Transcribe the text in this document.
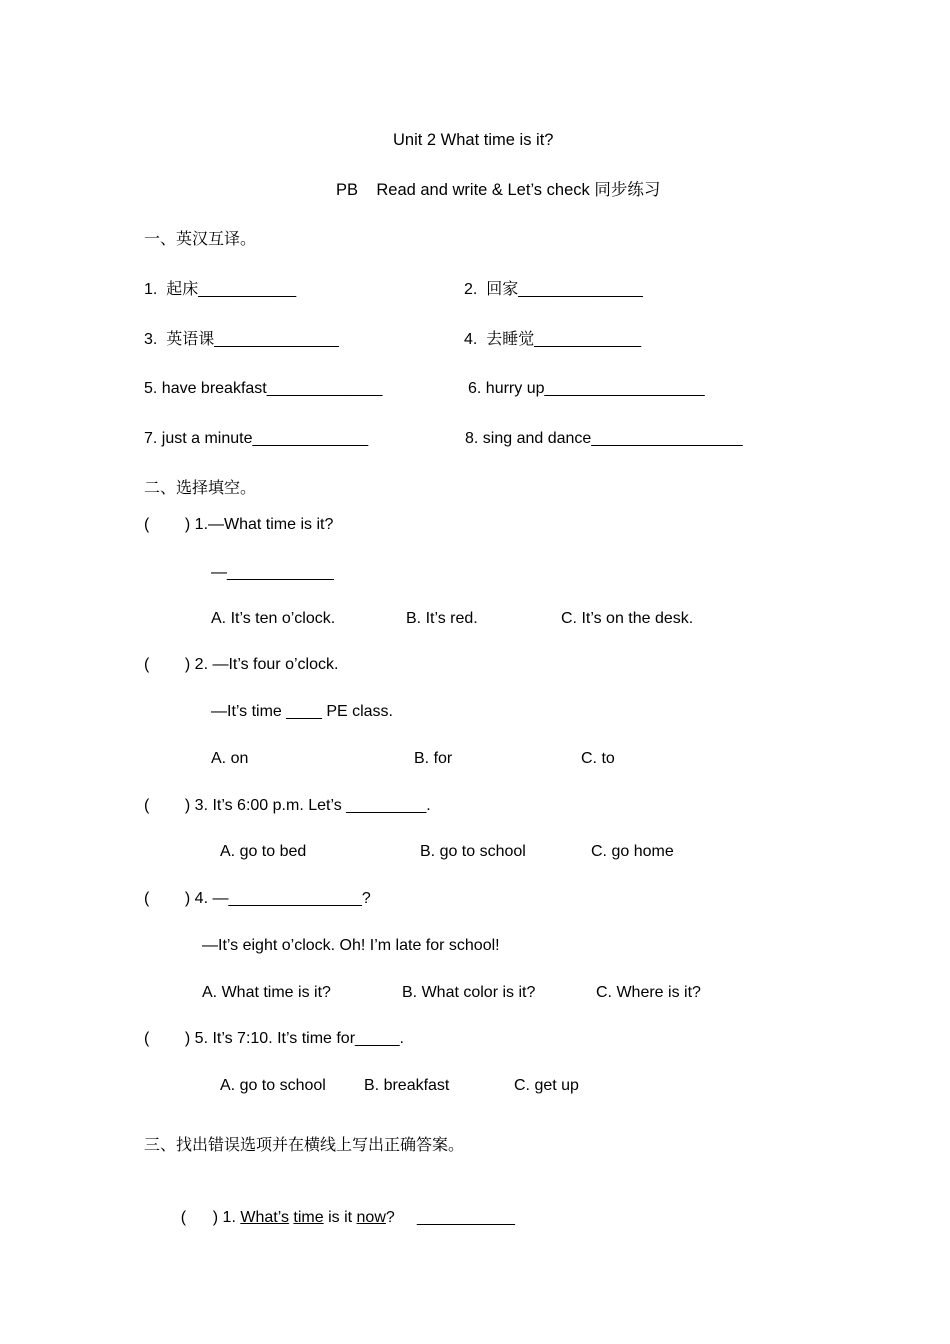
Unit 2 What time is it?
PB    Read and write & Let’s check 同步练习
一、英汉互译。
1.  起床___________	2.  回家______________
3.  英语课______________	4.  去睡觉____________
5. have breakfast_____________	6. hurry up__________________
7. just a minute_____________	8. sing and dance_________________
二、选择填空。
(        ) 1.—What time is it?
—____________
A. It’s ten o’clock.	B. It’s red.	C. It’s on the desk.
(        ) 2. —It’s four o’clock.
—It’s time ____ PE class.
A. on	B. for	C. to
(        ) 3. It’s 6:00 p.m. Let’s _________.
A. go to bed	B. go to school	C. go home
(        ) 4. —_______________?
—It’s eight o’clock. Oh! I’m late for school!
A. What time is it?	B. What color is it?	C. Where is it?
(        ) 5. It’s 7:10. It’s time for_____.
A. go to school B. breakfast	C. get up
三、找出错误选项并在横线上写出正确答案。

(      ) 1. What’s time is it now?     ___________
